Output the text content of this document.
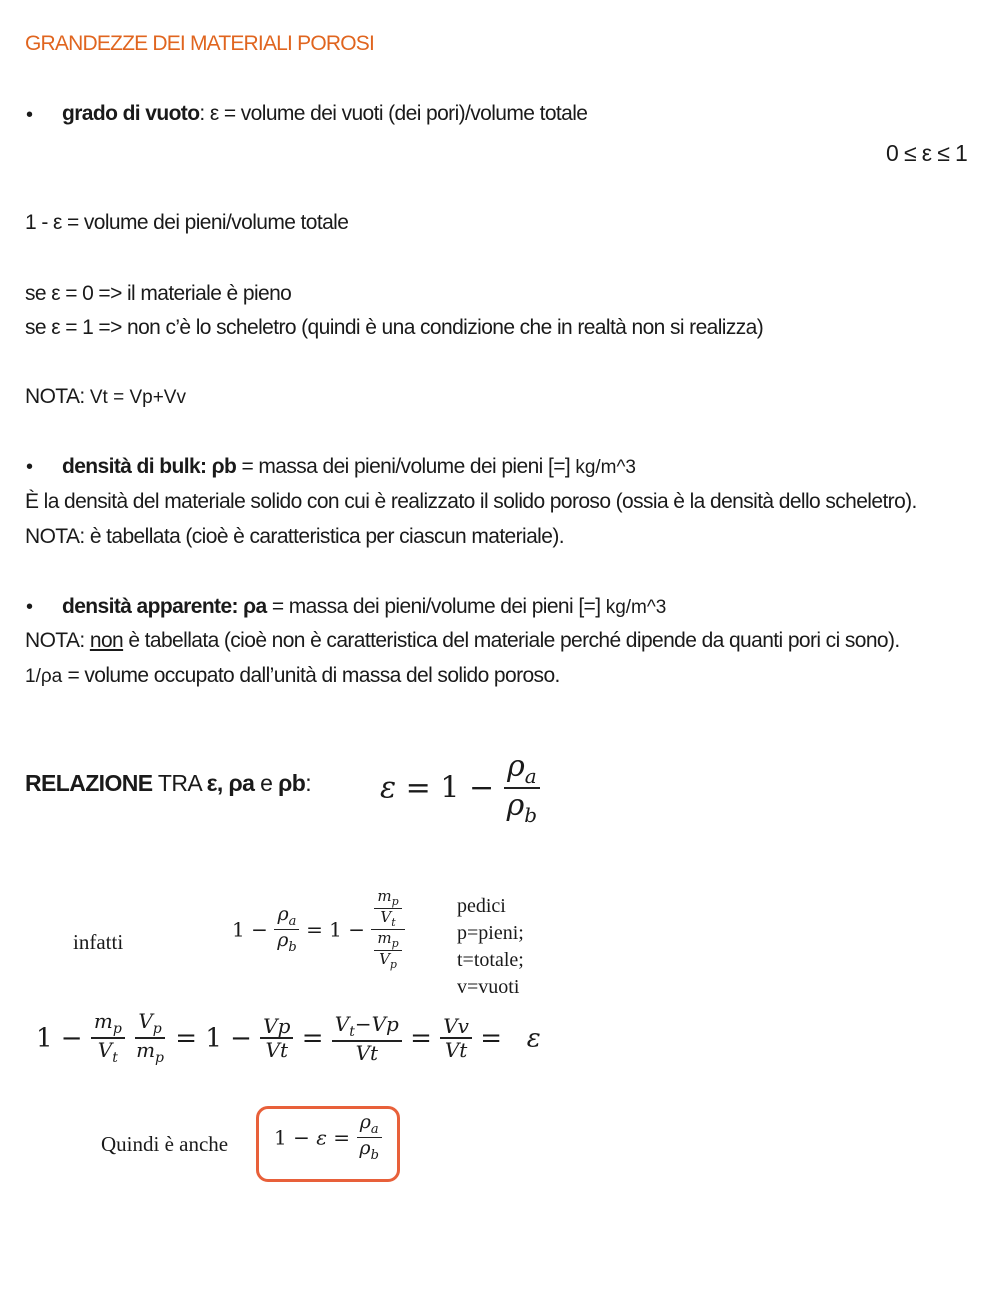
GRANDEZZE DEI MATERIALI POROSI
• grado di vuoto: ε = volume dei vuoti (dei pori)/volume totale
0 ≤ ε ≤ 1
1 - ε = volume dei pieni/volume totale
se ε = 0 => il materiale è pieno
se ε = 1 => non c’è lo scheletro (quindi è una condizione che in realtà non si realizza)
NOTA: Vt = Vp+Vv
• densità di bulk: ρb = massa dei pieni/volume dei pieni [=] kg/m^3
È la densità del materiale solido con cui è realizzato il solido poroso (ossia è la densità dello scheletro).
NOTA: è tabellata (cioè è caratteristica per ciascun materiale).
• densità apparente: ρa = massa dei pieni/volume dei pieni [=] kg/m^3
NOTA: non è tabellata (cioè non è caratteristica del materiale perché dipende da quanti pori ci sono).
1/ρa = volume occupato dall’unità di massa del solido poroso.
RELAZIONE TRA ε, ρa e ρb: $\varepsilon = 1 - \frac{\rho_a}{\rho_b}$
infatti
$1 - \frac{\rho_a}{\rho_b} = 1 - \frac{\frac{m_p}{V_t}}{\frac{m_p}{V_p}}$	pedici
p=pieni;
t=totale;
v=vuoti
$1 - \frac{m_p}{V_t}$
$\frac{V_p}{m_p} = 1 - \frac{Vp}{Vt} = \frac{V_t-Vp}{Vt} = \frac{Vv}{Vt} = \varepsilon$
Quindi è anche $1 - \varepsilon = \frac{\rho_a}{\rho_b}$
